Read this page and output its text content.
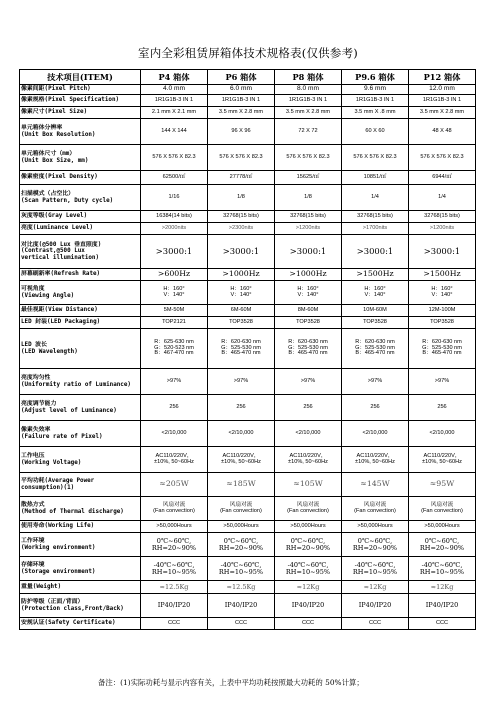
室内全彩租赁屏箱体技术规格表(仅供参考)
技术项目(ITEM)	P4 箱体	P6 箱体	P8 箱体	P9.6 箱体	P12 箱体

像素间距(Pixel Pitch)	4.0 mm	6.0 mm	8.0 mm	9.6 mm	12.0 mm

像素规格(Pixel Specification)	1R1G1B-3 IN 1	1R1G1B-3 IN 1	1R1G1B-3 IN 1	1R1G1B-3 IN 1	1R1G1B-3 IN 1

像素尺寸(Pixel Size)	2.1 mm X 2.1 mm	3.5 mm X 2.8 mm	3.5 mm X 2.8 mm	3.5 mm X .8 mm	3.5 mm X 2.8 mm

单元箱体分辨率
(Unit Box Resolution)	144 X 144	96 X 96	72 X 72	60 X 60	48 X 48

单元箱体尺寸（mm）
(Unit Box Size, mm)	576 X 576 X 82.3	576 X 576 X 82.3	576 X 576 X 82.3	576 X 576 X 82.3	576 X 576 X 82.3

像素密度(Pixel Density)	62500/㎡	27778/㎡	15625/㎡	10851/㎡	6944/㎡

扫描模式（占空比）
(Scan Pattern, Duty cycle)	1/16	1/8	1/8	1/4	1/4

灰度等级(Gray Level)	16384(14 bits)	32768(15 bits)	32768(15 bits)	32768(15 bits)	32768(15 bits)

亮度(Luminance Level)	>2000nits	>2300nits	>1200nits	>1700nits	>1200nits

对比度(@500 Lux 垂直照度)
(Contrast,@500 Lux
vertical illumination)	>3000:1	>3000:1	>3000:1	>3000:1	>3000:1

屏幕刷新率(Refresh Rate)	>600Hz	>1000Hz	>1000Hz	>1500Hz	>1500Hz

可视角度
(Viewing Angle)	H：160°
V：140°	H：160°
V：140°	H：160°
V：140°	H：160°
V：140°	H：160°
V：140°

最佳视距(View Distance)	5M-50M	6M-60M	8M-60M	10M-60M	12M-100M

LED 封装(LED Packaging)	TOP2121	TOP3528	TOP3528	TOP3528	TOP3528

LED 波长
(LED Wavelength)	R：625-630 nm
G：520-523 nm
B：467-470 nm	R：620-630 nm
G：525-530 nm
B：465-470 nm	R：620-630 nm
G：525-530 nm
B：465-470 nm	R：620-630 nm
G：525-530 nm
B：465-470 nm	R：620-630 nm
G：525-530 nm
B：465-470 nm

亮度均匀性
(Uniformity ratio of Luminance)	>97%	>97%	>97%	>97%	>97%

亮度调节能力
(Adjust level of Luminance)	256	256	256	256	256

像素失效率
(Failure rate of Pixel)	<2/10,000	<2/10,000	<2/10,000	<2/10,000	<2/10,000

工作电压
(Working Voltage)	AC110/220V，
±10%, 50~60Hz	AC110/220V，
±10%, 50~60Hz	AC110/220V，
±10%, 50~60Hz	AC110/220V，
±10%, 50~60Hz	AC110/220V，
±10%, 50~60Hz

平均功耗(Average Power
consumption)(1)	≈205W	≈185W	≈105W	≈145W	≈95W

散热方式
(Method of Thermal discharge)	风扇对流
(Fan convection)	风扇对流
(Fan convection)	风扇对流
(Fan convection)	风扇对流
(Fan convection)	风扇对流
(Fan convection)

使用寿命(Working Life)	>50,000Hours	>50,000Hours	>50,000Hours	>50,000Hours	>50,000Hours

工作环境
(Working environment)	0℃~60℃,
RH=20~90%	0℃~60℃,
RH=20~90%	0℃~60℃,
RH=20~90%	0℃~60℃,
RH=20~90%	0℃~60℃,
RH=20~90%

存储环境
(Storage environment)	-40℃~60℃,
RH=10~95%	-40℃~60℃,
RH=10~95%	-40℃~60℃,
RH=10~95%	-40℃~60℃,
RH=10~95%	-40℃~60℃,
RH=10~95%

重量(Weight)	≈12.5Kg	≈12.5Kg	≈12Kg	≈12Kg	≈12Kg

防护等级（正面/背面）
(Protection class,Front/Back)	IP40/IP20	IP40/IP20	IP40/IP20	IP40/IP20	IP40/IP20

安规认证(Safety Certificate)	CCC	CCC	CCC	CCC	CCC
备注：(1)实际功耗与显示内容有关，上表中平均功耗按照最大功耗的 50%计算；
